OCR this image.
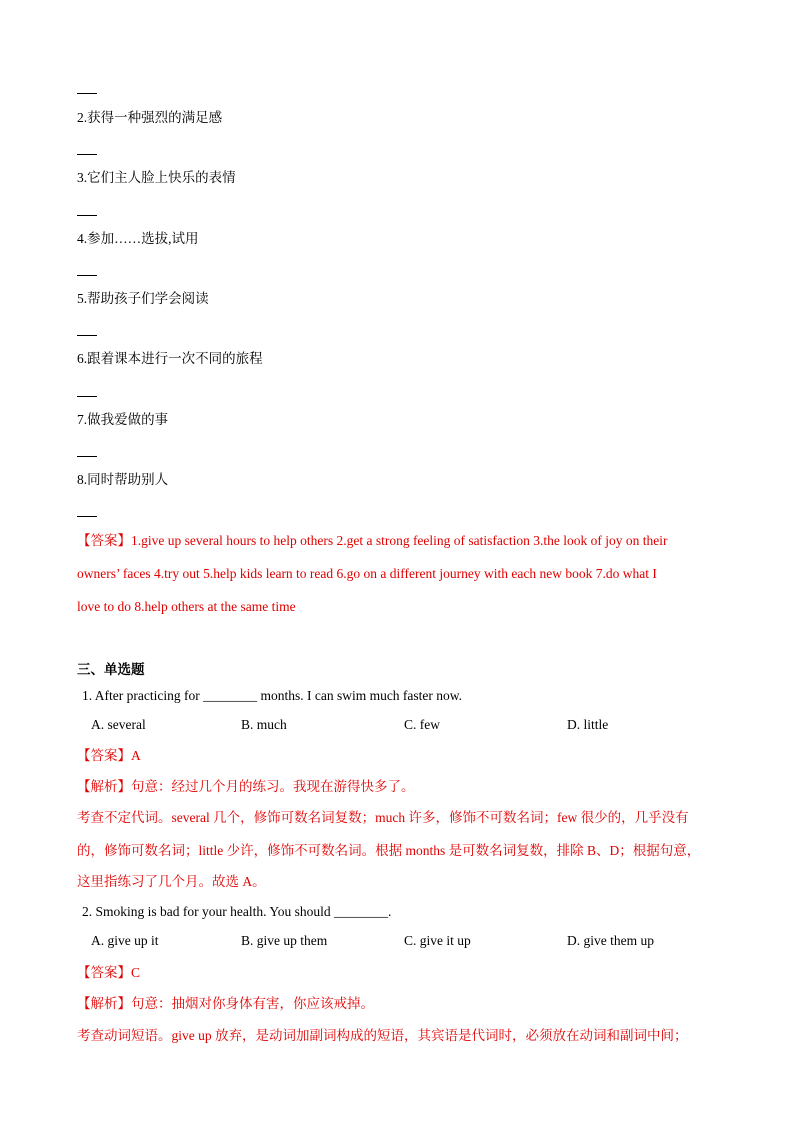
2.获得一种强烈的满足感
3.它们主人脸上快乐的表情
4.参加……选拔,试用
5.帮助孩子们学会阅读
6.跟着课本进行一次不同的旅程
7.做我爱做的事
8.同时帮助别人
【答案】1.give up several hours to help others 2.get a strong feeling of satisfaction 3.the look of joy on their
owners’ faces 4.try out 5.help kids learn to read 6.go on a different journey with each new book 7.do what I
love to do 8.help others at the same time
三、单选题
1. After practicing for ________ months. I can swim much faster now.
A. several	B. much	C. few	D. little
【答案】A
【解析】句意：经过几个月的练习。我现在游得快多了。
考查不定代词。several 几个，修饰可数名词复数；much 许多，修饰不可数名词；few 很少的，几乎没有
的，修饰可数名词；little 少许，修饰不可数名词。根据 months 是可数名词复数，排除 B、D；根据句意，
这里指练习了几个月。故选 A。
2. Smoking is bad for your health. You should ________.
A. give up it	B. give up them	C. give it up	D. give them up
【答案】C
【解析】句意：抽烟对你身体有害，你应该戒掉。
考查动词短语。give up 放弃，是动词加副词构成的短语，其宾语是代词时，必须放在动词和副词中间；
